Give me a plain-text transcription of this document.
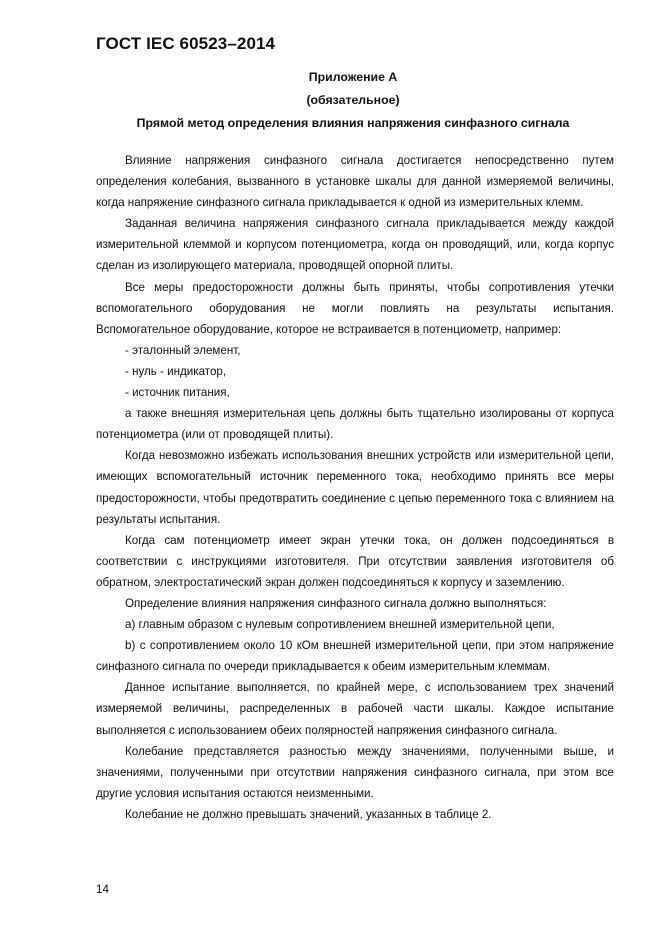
ГОСТ IEC 60523–2014

Приложение А

(обязательное)

Прямой метод определения влияния напряжения синфазного сигнала

Влияние напряжения синфазного сигнала достигается непосредственно путем определения колебания, вызванного в установке шкалы для данной измеряемой величины, когда напряжение синфазного сигнала прикладывается к одной из измерительных клемм.

Заданная величина напряжения синфазного сигнала прикладывается между каждой измерительной клеммой и корпусом потенциометра, когда он проводящий, или, когда корпус сделан из изолирующего материала, проводящей опорной плиты.

Все меры предосторожности должны быть приняты, чтобы сопротивления утечки вспомогательного оборудования не могли повлиять на результаты испытания. Вспомогательное оборудование, которое не встраивается в потенциометр, например:

- эталонный элемент,

- нуль - индикатор,

- источник питания,

а также внешняя измерительная цепь должны быть тщательно изолированы от корпуса потенциометра (или от проводящей плиты).

Когда невозможно избежать использования внешних устройств или измерительной цепи, имеющих вспомогательный источник переменного тока, необходимо принять все меры предосторожности, чтобы предотвратить соединение с цепью переменного тока с влиянием на результаты испытания.

Когда сам потенциометр имеет экран утечки тока, он должен подсоединяться в соответствии с инструкциями изготовителя. При отсутствии заявления изготовителя об обратном, электростатический экран должен подсоединяться к корпусу и заземлению.

Определение влияния напряжения синфазного сигнала должно выполняться:

a) главным образом с нулевым сопротивлением внешней измерительной цепи,

b) с сопротивлением около 10 кОм внешней измерительной цепи, при этом напряжение синфазного сигнала по очереди прикладывается к обеим измерительным клеммам.

Данное испытание выполняется, по крайней мере, с использованием трех значений измеряемой величины, распределенных в рабочей части шкалы. Каждое испытание выполняется с использованием обеих полярностей напряжения синфазного сигнала.

Колебание представляется разностью между значениями, полученными выше, и значениями, полученными при отсутствии напряжения синфазного сигнала, при этом все другие условия испытания остаются неизменными.

Колебание не должно превышать значений, указанных в таблице 2.

14
